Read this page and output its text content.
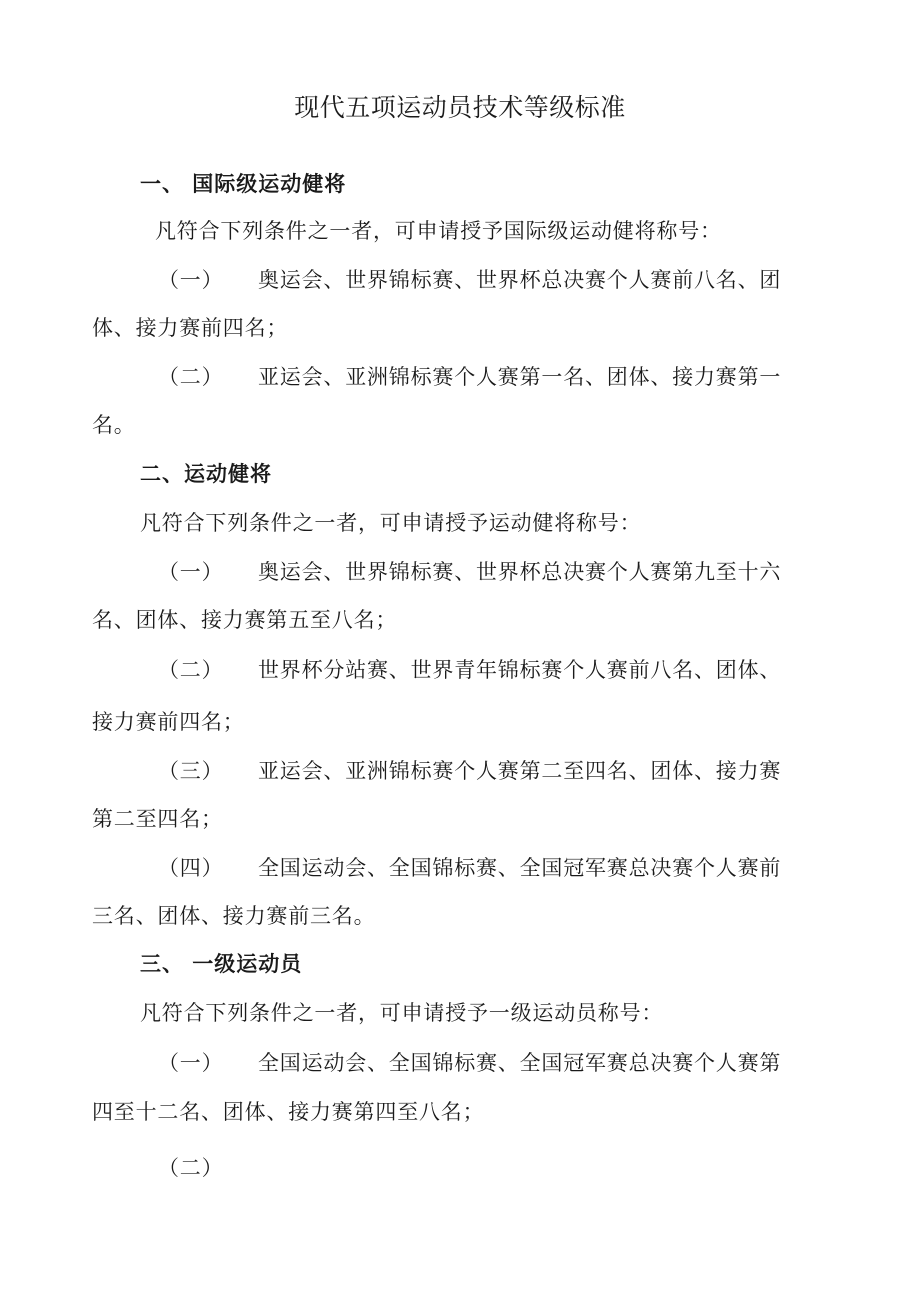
现代五项运动员技术等级标准
一、 国际级运动健将
凡符合下列条件之一者，可申请授予国际级运动健将称号：
（一） 奥运会、世界锦标赛、世界杯总决赛个人赛前八名、团
体、接力赛前四名；
（二） 亚运会、亚洲锦标赛个人赛第一名、团体、接力赛第一
名。
二、运动健将
凡符合下列条件之一者，可申请授予运动健将称号：
（一） 奥运会、世界锦标赛、世界杯总决赛个人赛第九至十六
名、团体、接力赛第五至八名；
（二） 世界杯分站赛、世界青年锦标赛个人赛前八名、团体、
接力赛前四名；
（三） 亚运会、亚洲锦标赛个人赛第二至四名、团体、接力赛
第二至四名；
（四） 全国运动会、全国锦标赛、全国冠军赛总决赛个人赛前
三名、团体、接力赛前三名。
三、 一级运动员
凡符合下列条件之一者，可申请授予一级运动员称号：
（一） 全国运动会、全国锦标赛、全国冠军赛总决赛个人赛第
四至十二名、团体、接力赛第四至八名；
（二）
